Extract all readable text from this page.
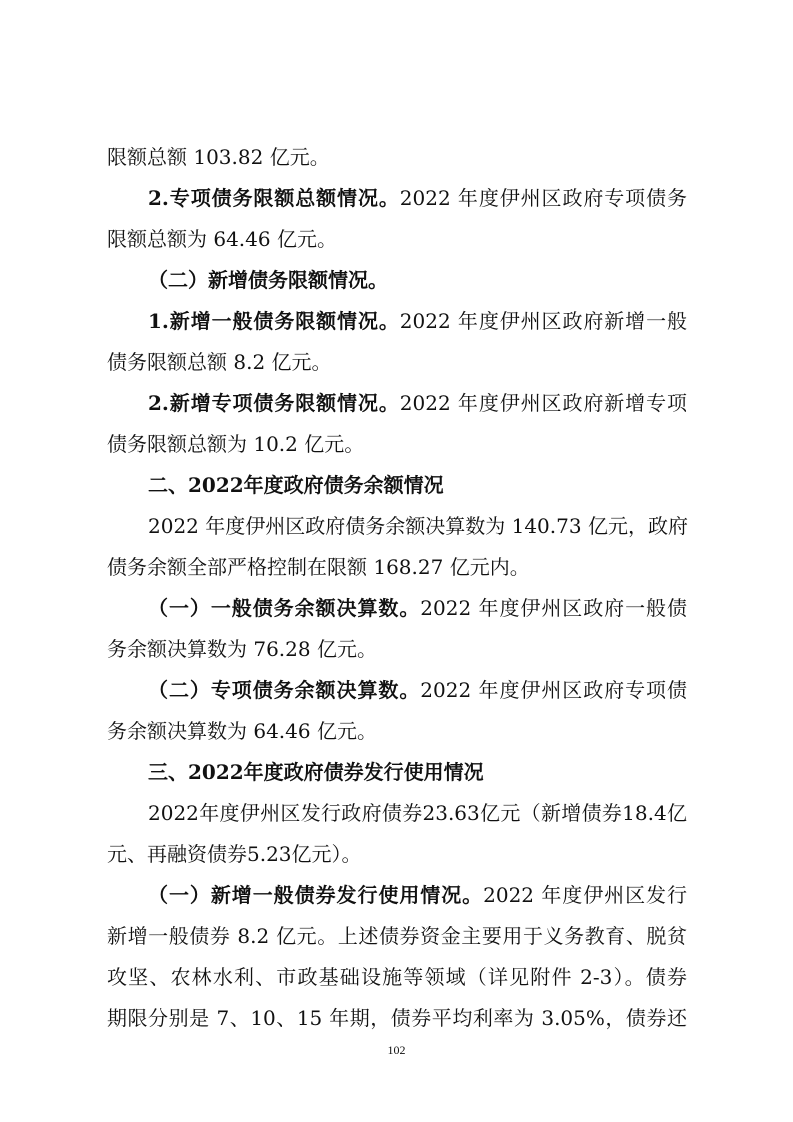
限额总额 103.82 亿元。
2.专项债务限额总额情况。2022 年度伊州区政府专项债务
限额总额为 64.46 亿元。
（二）新增债务限额情况。
1.新增一般债务限额情况。2022 年度伊州区政府新增一般
债务限额总额 8.2 亿元。
2.新增专项债务限额情况。2022 年度伊州区政府新增专项
债务限额总额为 10.2 亿元。
二、2022年度政府债务余额情况
2022 年度伊州区政府债务余额决算数为 140.73 亿元，政府
债务余额全部严格控制在限额 168.27 亿元内。
（一）一般债务余额决算数。2022 年度伊州区政府一般债
务余额决算数为 76.28 亿元。
（二）专项债务余额决算数。2022 年度伊州区政府专项债
务余额决算数为 64.46 亿元。
三、2022年度政府债券发行使用情况
2022年度伊州区发行政府债券23.63亿元（新增债券18.4亿
元、再融资债券5.23亿元）。
（一）新增一般债券发行使用情况。2022 年度伊州区发行
新增一般债券 8.2 亿元。上述债券资金主要用于义务教育、脱贫
攻坚、农林水利、市政基础设施等领域（详见附件 2-3）。债券
期限分别是 7、10、15 年期，债券平均利率为 3.05%，债券还
102
